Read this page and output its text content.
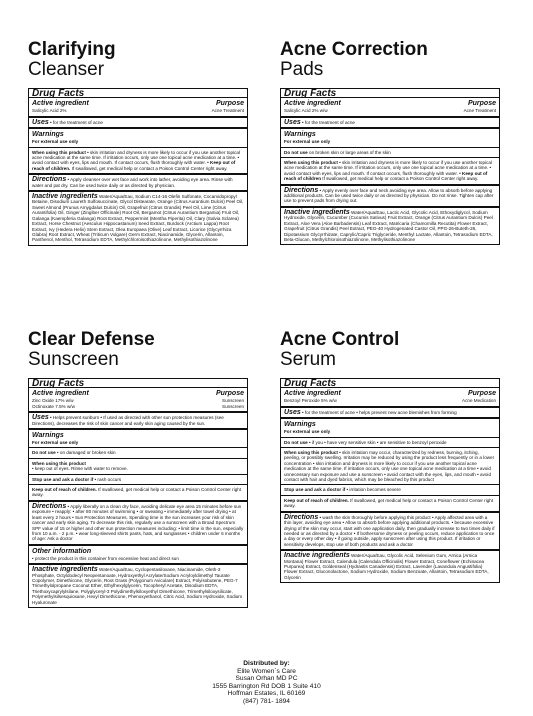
Clarifying

Cleanser

Drug Facts
Active ingredient	Purpose
Salicylic Acid 2%	Acne Treatment
Uses • for the treatment of acne
Warnings
For external use only

When using this product • skin irritation and dryness is more likely to occur if you use another topical acne medication at the same time. If irritation occurs, only use one topical acne medication at a time. • avoid contact with eyes, lips and mouth. If contact occurs, flush thoroughly with water. • Keep out of reach of children. If swallowed, get medical help or contact a Poison Control Center right away.

Directions • Apply cleanser over wet face and work into lather, avoiding eye area. Rinse with water and pat dry. Can be used twice daily or as directed by physician.
Inactive ingredients Water/Aqua/Eau, Sodium C14-16 Olefin Sulfonate, Cocamidopropyl Betaine, Disodium Laureth Sulfosuccinate, Glycol Distearate, Orange (Citrus Aurantium Dulcis) Peel Oil, Sweet Almond (Prunus Amygdalus Dulcis) Oil, Grapefruit (Citrus Grandis) Peel Oil, Lime (Citrus Aurantifolia) Oil, Ginger (Zingiber Officinale) Root Oil, Bergamot (Citrus Aurantium Bergamia) Fruit Oil, Galanga (Kaempferia Galanga) Root Extract, Peppermint (Mentha Piperita) Oil, Clary (Salvia Sclarea) Extract, Horse Chestnut (Aesculus Hippocastanum) Seed Extract, Burdock (Arctium Lappa) Root Extract, Ivy (Hedera Helix) Stem Extract, Olea Europaea (Olive) Leaf Extract, Licorice (Glycyrrhiza Glabra) Root Extract, Wheat (Triticum Vulgare) Germ Extract, Niacinamide, Glycerin, Allantoin, Panthenol, Menthol, Tetrasodium EDTA, Methylchloroisothiazolinone, Methylisothiazolinone

Acne Correction

Pads

Drug Facts
Active ingredient	Purpose
Salicylic Acid 2% w/w	Acne Treatment
Uses • for the treatment of acne
Warnings
For external use only

Do not use on broken skin or large areas of the skin

When using this product • skin irritation and dryness is more likely to occur if you use another topical acne medication at the same time. If irritation occurs, only use one topical acne medication at a time. • avoid contact with eyes, lips and mouth. If contact occurs, flush thoroughly with water. • Keep out of reach of children If swallowed, get medical help or contact a Poison Control Center right away.

Directions • Apply evenly over face and neck avoiding eye area. Allow to absorb before applying additional products. Can be used twice daily or as directed by physician. Do not rinse. Tighten cap after use to prevent pads from drying out.
Inactive ingredients Water/Aqua/Eau, Lactic Acid, Glycolic Acid, Ethoxydiglycol, Sodium Hydroxide, Glycerin, Cucumber (Cucumis Sativus) Fruit Extract, Orange (Citrus Aurantium Dulcis) Peel Extract, Aloe Vera (Aloe Barbadensis) Leaf Extract, Matricaria (Chamomilla Recutita) Flower Extract, Grapefruit (Citrus Grandis) Peel Extract, PEG-40 Hydrogenated Castor Oil, PPG-26-Buteth-26, Dipotassium Glycyrrhizate, Caprylic/Capric Triglyceride, Menthyl Lactate, Allantoin, Tetrasodium EDTA, Beta-Glucan, Methylchloroisothiazolinone, Methylisothiazolinone

Clear Defense

Sunscreen

Drug Facts
Active ingredient	Purpose
Zinc Oxide 17% w/w	Sunscreen
Octinoxate 7.5% w/w	Sunscreen
Uses • Helps prevent sunburn • If used as directed with other sun protection measures (see Directions), decreases the risk of skin cancer and early skin aging caused by the sun.
Warnings
For external use only

Do not use • on damaged or broken skin

When using this product

• keep out of eyes. Rinse with water to remove.

Stop use and ask a doctor if • rash occurs

Keep out of reach of children. If swallowed, get medical help or contact a Poison Control Center right away.

Directions • Apply liberally on a clean dry face, avoiding delicate eye area 15 minutes before sun exposure • reapply: • after 80 minutes of swimming • or sweating • immediately after towel drying • at least every 2 hours • Sun Protection Measures. Spending time in the sun increases your risk of skin cancer and early skin aging. To decrease this risk, regularly use a sunscreen with a Broad Spectrum SPF value of 15 or higher and other sun protection measures including: • limit time in the sun, especially from 10 a.m. - 2 p.m. • wear long-sleeved shirts pants, hats, and sunglasses • children under 6 months of age: Ask a doctor
Other information

• protect the product in this container from excessive heat and direct sun

Inactive ingredients Water/Aqua/Eau, Cyclopentasiloxane, Niacinamide, Oleth-3 Phosphate, Octyldodecyl Neopentanoate, Hydroxyethyl Acrylate/Sodium Acryloyldimethyl Taurate Copolymer, Dimethicone, Glycerin, Root Grass (Polygonum Aviculare) Extract, Polyisobutene, PEG-7 Trimethylolpropane Coconut Ether, Ethylhexylglycerin, Tocopheryl Acetate, Disodium EDTA, Triethoxycaprylylsilane, Polyglyceryl-3 Polydimethylsiloxyethyl Dimethicone, Trimethylsiloxysilicate, Polymethylsilsesquioxane, Hexyl Dimethicone, Phenoxyethanol, Citric Acid, Sodium Hydroxide, Sodium Hyaluronate

Acne Control

Serum

Drug Facts
Active ingredient	Purpose
Benzoyl Peroxide 5% w/w	Acne Medication
Uses • for the treatment of acne • helps prevent new acne blemishes from forming
Warnings
For external use only

Do not use • if you • have very sensitive skin • are sensitive to benzoyl peroxide

When using this product • skin irritation may occur, characterized by redness, burning, itching, peeling, or possibly swelling. Irritation may be reduced by using the product less frequently or in a lower concentration • skin irritation and dryness is more likely to occur if you use another topical acne medication at the same time. If irritation occurs, only use one topical acne medication at a time • avoid unnecessary sun exposure and use a sunscreen • avoid contact with the eyes, lips, and mouth • avoid contact with hair and dyed fabrics, which may be bleached by this product

Stop use and ask a doctor if • irritation becomes severe

Keep out of reach of children. If swallowed, get medical help or contact a Poison Control Center right away.

Directions • wash the skin thoroughly before applying this product • Apply affected area with a thin layer, avoiding eye area • Allow to absorb before applying additional products. • because excessive drying of the skin may occur, start with one application daily, then gradually increase to two times daily if needed or as directed by a doctor • If bothersome dryness or peeling occurs, reduce application to once a day or every other day • if going outside, apply sunscreen after using this product. If irritation or sensitivity develops, stop use of both products and ask a doctor
Inactive ingredients Water/Aqua/Eau, Glycolic Acid, Selenium Gum, Arnica (Arnica Montana) Flower Extract, Calendula (Calendula Officinalis) Flower Extract, Coneflower (Echinacea Purpurea) Extract, Goldenseal (Hydrastis Canadensis) Extract, Lavender (Lavandula Angustifolia) Flower Extract, Gluconolactone, Sodium Hydroxide, Sodium Benzoate, Allantoin, Tetrasodium EDTA, Glycerin
Distributed by:
Elite Women`s Care
Susan Orhan MD PC
1555 Barrington Rd DOB 1 Suite 410
Hoffman Estates, IL 60169
(847) 781- 1894
